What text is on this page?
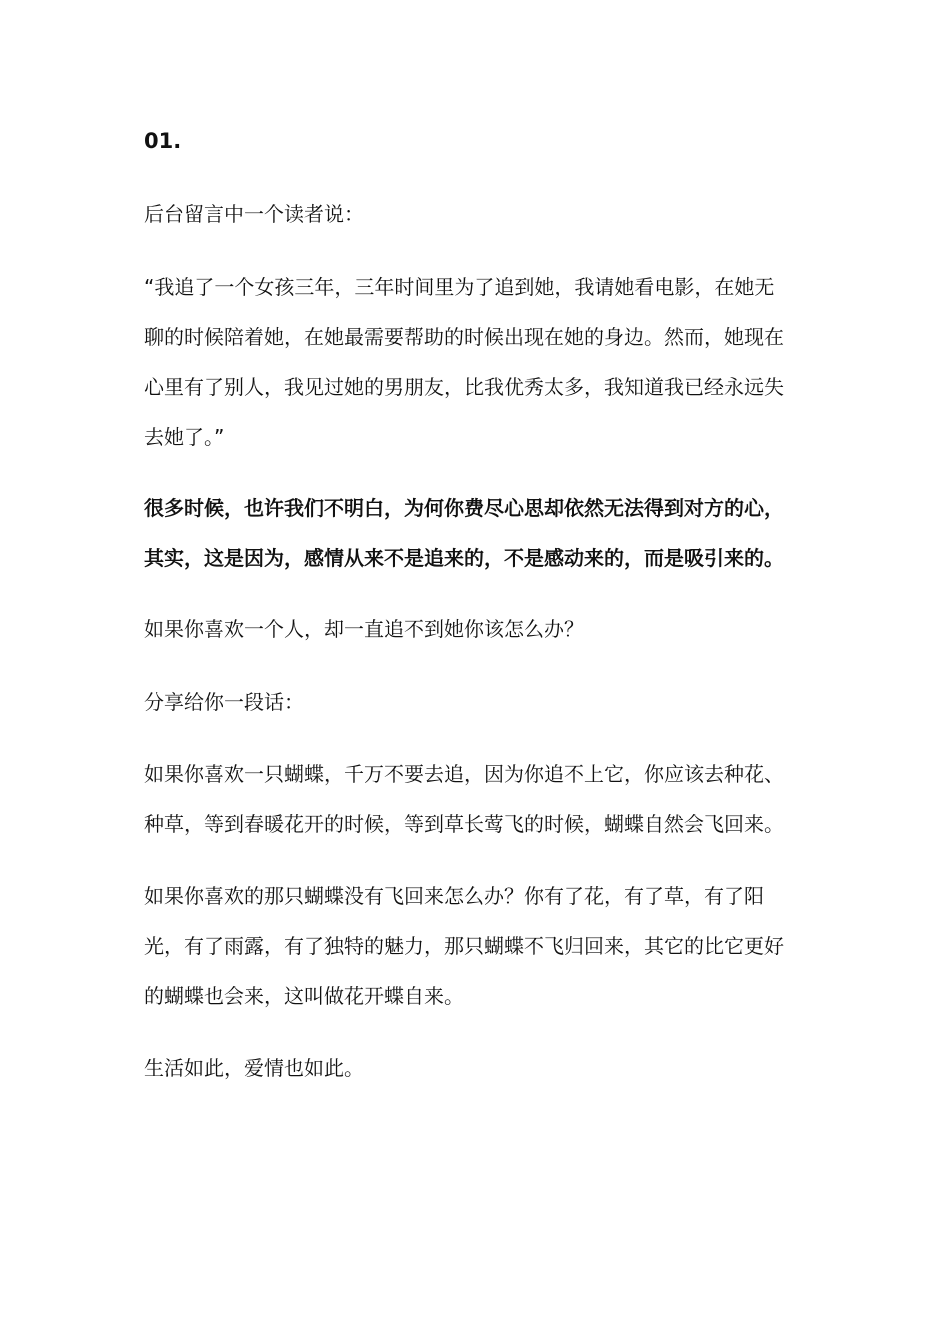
01.

后台留言中一个读者说：

“我追了一个女孩三年，三年时间里为了追到她，我请她看电影，在她无
聊的时候陪着她，在她最需要帮助的时候出现在她的身边。然而，她现在
心里有了别人，我见过她的男朋友，比我优秀太多，我知道我已经永远失
去她了。”

很多时候，也许我们不明白，为何你费尽心思却依然无法得到对方的心，
其实，这是因为，感情从来不是追来的，不是感动来的，而是吸引来的。

如果你喜欢一个人，却一直追不到她你该怎么办？

分享给你一段话：

如果你喜欢一只蝴蝶，千万不要去追，因为你追不上它，你应该去种花、
种草，等到春暖花开的时候，等到草长莺飞的时候，蝴蝶自然会飞回来。

如果你喜欢的那只蝴蝶没有飞回来怎么办？你有了花，有了草，有了阳
光，有了雨露，有了独特的魅力，那只蝴蝶不飞归回来，其它的比它更好
的蝴蝶也会来，这叫做花开蝶自来。

生活如此，爱情也如此。
